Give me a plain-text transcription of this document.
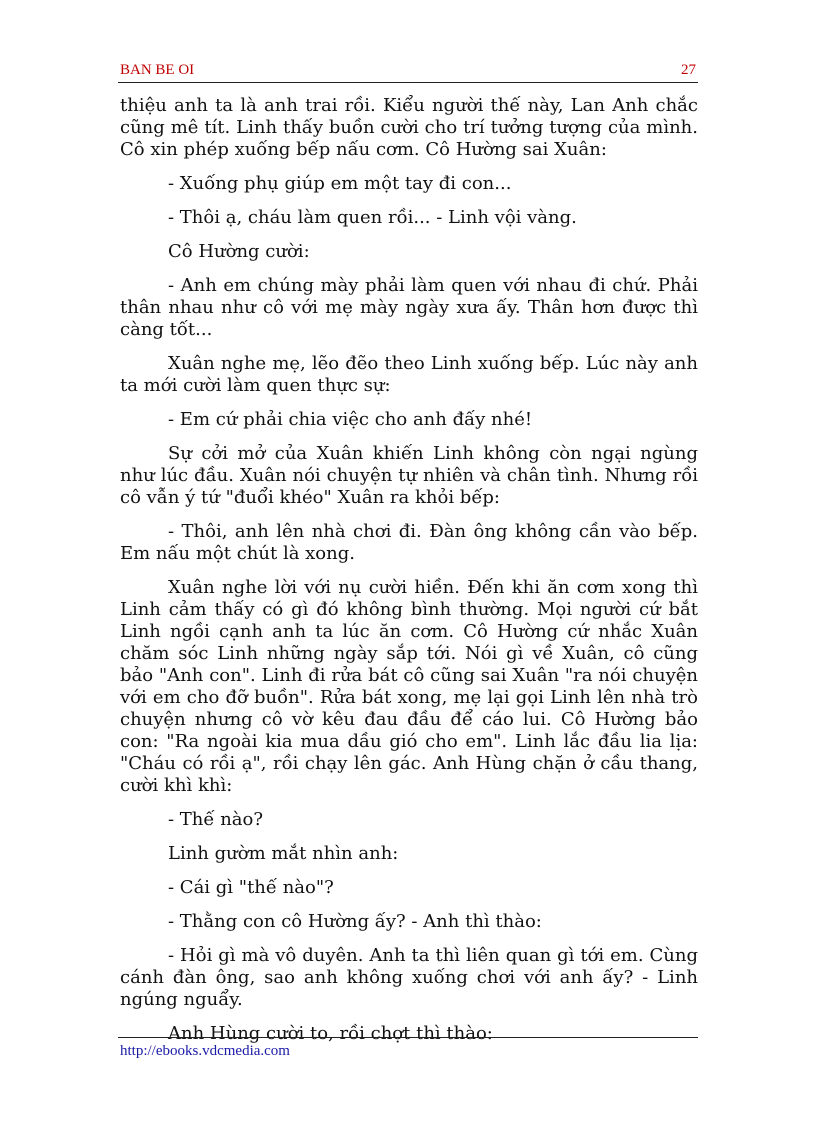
BAN BE OI	27

thiệu anh ta là anh trai rồi. Kiểu người thế này, Lan Anh chắc cũng mê tít. Linh thấy buồn cười cho trí tưởng tượng của mình. Cô xin phép xuống bếp nấu cơm. Cô Hường sai Xuân:

- Xuống phụ giúp em một tay đi con...

- Thôi ạ, cháu làm quen rồi... - Linh vội vàng.

Cô Hường cười:

- Anh em chúng mày phải làm quen với nhau đi chứ. Phải thân nhau như cô với mẹ mày ngày xưa ấy. Thân hơn được thì càng tốt...

Xuân nghe mẹ, lẽo đẽo theo Linh xuống bếp. Lúc này anh ta mới cười làm quen thực sự:

- Em cứ phải chia việc cho anh đấy nhé!

Sự cởi mở của Xuân khiến Linh không còn ngại ngùng như lúc đầu. Xuân nói chuyện tự nhiên và chân tình. Nhưng rồi cô vẫn ý tứ "đuổi khéo" Xuân ra khỏi bếp:

- Thôi, anh lên nhà chơi đi. Đàn ông không cần vào bếp. Em nấu một chút là xong.

Xuân nghe lời với nụ cười hiền. Đến khi ăn cơm xong thì Linh cảm thấy có gì đó không bình thường. Mọi người cứ bắt Linh ngồi cạnh anh ta lúc ăn cơm. Cô Hường cứ nhắc Xuân chăm sóc Linh những ngày sắp tới. Nói gì về Xuân, cô cũng bảo "Anh con". Linh đi rửa bát cô cũng sai Xuân "ra nói chuyện với em cho đỡ buồn". Rửa bát xong, mẹ lại gọi Linh lên nhà trò chuyện nhưng cô vờ kêu đau đầu để cáo lui. Cô Hường bảo con: "Ra ngoài kia mua dầu gió cho em". Linh lắc đầu lia lịa: "Cháu có rồi ạ", rồi chạy lên gác. Anh Hùng chặn ở cầu thang, cười khì khì:

- Thế nào?

Linh gườm mắt nhìn anh:

- Cái gì "thế nào"?

- Thằng con cô Hường ấy? - Anh thì thào:

- Hỏi gì mà vô duyên. Anh ta thì liên quan gì tới em. Cùng cánh đàn ông, sao anh không xuống chơi với anh ấy? - Linh ngúng nguẩy.

Anh Hùng cười to, rồi chợt thì thào:

http://ebooks.vdcmedia.com
